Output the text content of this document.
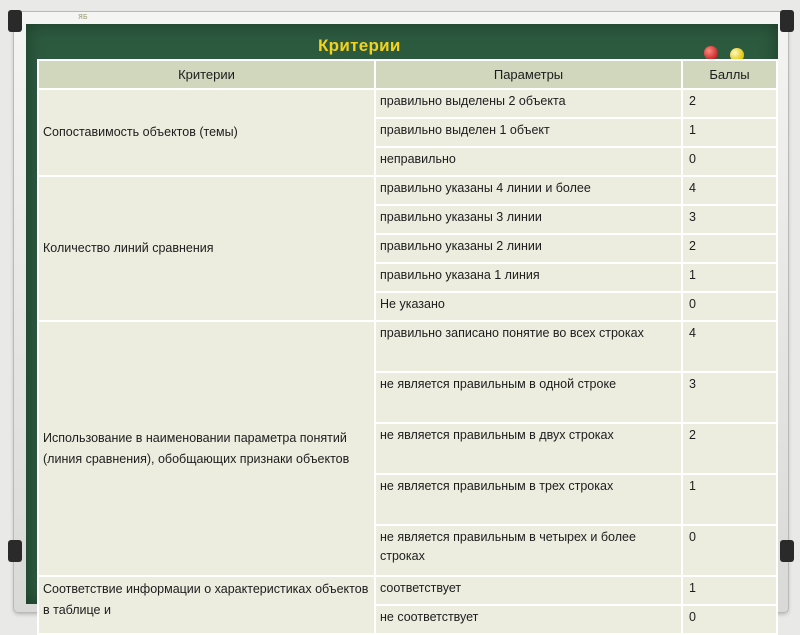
ЯБ
Критерии
Критерии	Параметры	Баллы
Сопоставимость объектов (темы)	правильно выделены 2 объекта	2
	правильно выделен 1 объект	1
	неправильно	0
Количество линий сравнения	правильно указаны 4 линии и более	4
	правильно указаны 3 линии	3
	правильно указаны 2 линии	2
	правильно указана 1 линия	1
	Не указано	0
Использование в наименовании параметра понятий (линия сравнения), обобщающих признаки объектов	правильно записано понятие во всех строках	4
	не является правильным в одной строке	3
	не является правильным в двух строках	2
	не является правильным в трех строках	1
	не является правильным в четырех и более строках	0
Соответствие информации о характеристиках объектов в таблице и	соответствует	1
	не соответствует	0
